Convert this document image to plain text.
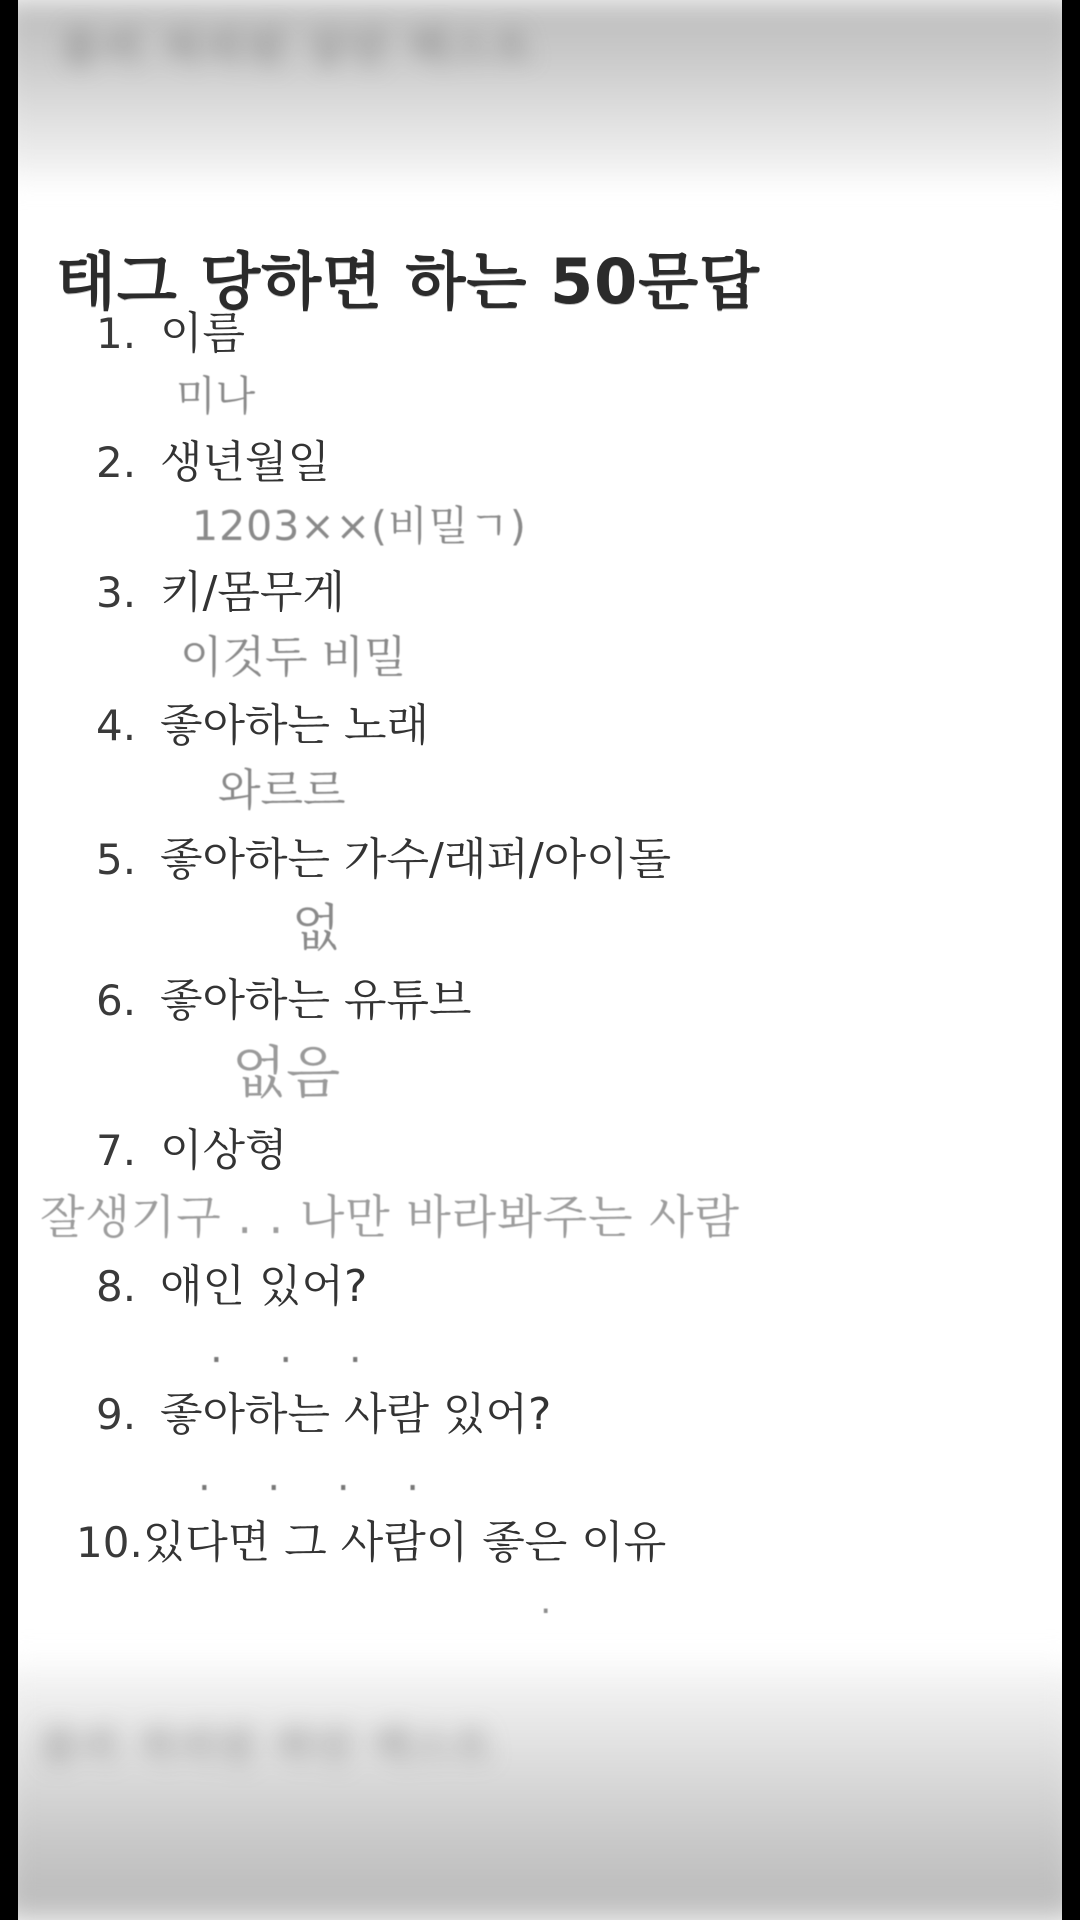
블러 처리된 상단 텍스트
태그 당하면 하는 50문답
1. 이름
미나
2. 생년월일
1203××(비밀ㄱ)
3. 키/몸무게
이것두 비밀
4. 좋아하는 노래
와르르
5. 좋아하는 가수/래퍼/아이돌
없
6. 좋아하는 유튜브
없음
7. 이상형
잘생기구 . . 나만 바라봐주는 사람
8. 애인 있어?
. . .
9. 좋아하는 사람 있어?
. . . .
10. 있다면 그 사람이 좋은 이유
.
블러 처리된 하단 텍스트
